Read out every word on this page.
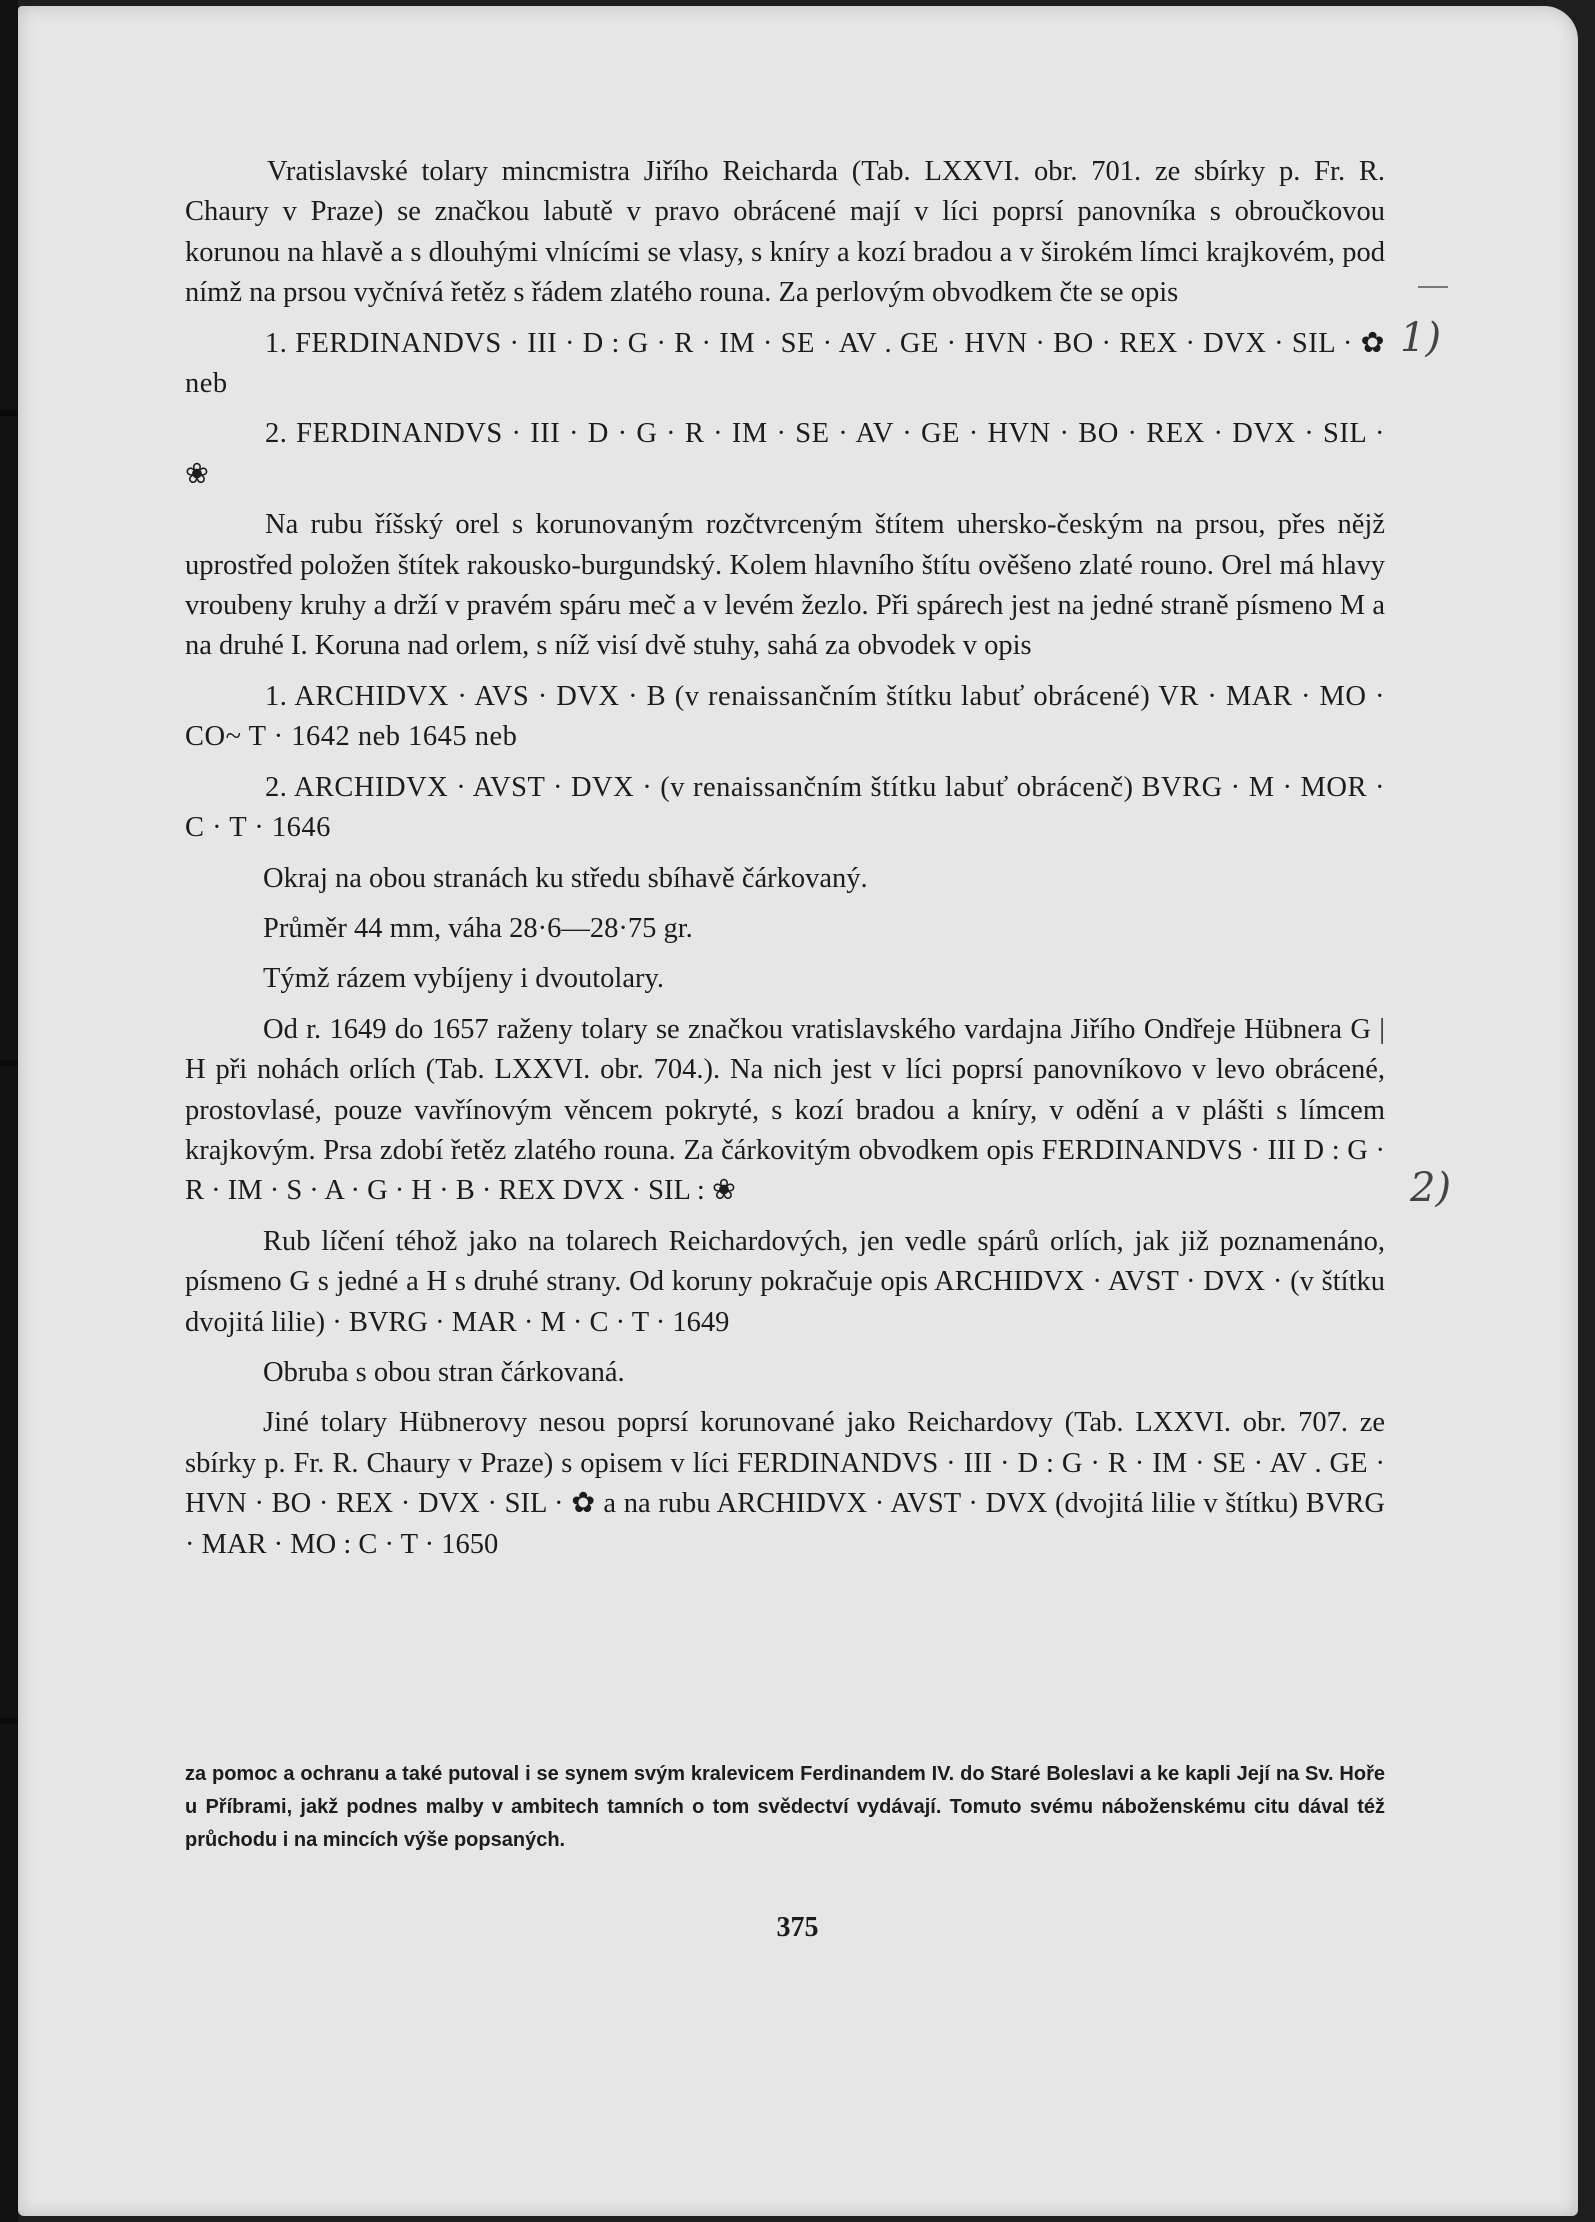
Vratislavské tolary mincmistra Jiřího Reicharda (Tab. LXXVI. obr. 701. ze sbírky p. Fr. R. Chaury v Praze) se značkou labutě v pravo obrácené mají v líci poprsí panovníka s obroučkovou korunou na hlavě a s dlouhými vlnícími se vlasy, s kníry a kozí bradou a v širokém límci krajkovém, pod nímž na prsou vyčnívá řetěz s řádem zlatého rouna. Za perlovým obvodkem čte se opis

1. FERDINANDVS · III · D : G · R · IM · SE · AV . GE · HVN · BO · REX · DVX · SIL · ✿ neb

2. FERDINANDVS · III · D · G · R · IM · SE · AV · GE · HVN · BO · REX · DVX · SIL · ❀

Na rubu říšský orel s korunovaným rozčtvrceným štítem uhersko-českým na prsou, přes nějž uprostřed položen štítek rakousko-burgundský. Kolem hlavního štítu ověšeno zlaté rouno. Orel má hlavy vroubeny kruhy a drží v pravém spáru meč a v levém žezlo. Při spárech jest na jedné straně písmeno M a na druhé I. Koruna nad orlem, s níž visí dvě stuhy, sahá za obvodek v opis

1. ARCHIDVX · AVS · DVX · B (v renaissančním štítku labuť obrácené) VR · MAR · MO · CO~ T · 1642 neb 1645 neb

2. ARCHIDVX · AVST · DVX · (v renaissančním štítku labuť obrácenč) BVRG · M · MOR · C · T · 1646

Okraj na obou stranách ku středu sbíhavě čárkovaný.

Průměr 44 mm, váha 28·6—28·75 gr.

Týmž rázem vybíjeny i dvoutolary.

Od r. 1649 do 1657 raženy tolary se značkou vratislavského vardajna Jiřího Ondřeje Hübnera G | H při nohách orlích (Tab. LXXVI. obr. 704.). Na nich jest v líci poprsí panovníkovo v levo obrácené, prostovlasé, pouze vavřínovým věncem pokryté, s kozí bradou a kníry, v odění a v plášti s límcem krajkovým. Prsa zdobí řetěz zlatého rouna. Za čárkovitým obvodkem opis FERDINANDVS · III D : G · R · IM · S · A · G · H · B · REX DVX · SIL : ❀

Rub líčení téhož jako na tolarech Reichardových, jen vedle spárů orlích, jak již poznamenáno, písmeno G s jedné a H s druhé strany. Od koruny pokračuje opis ARCHIDVX · AVST · DVX · (v štítku dvojitá lilie) · BVRG · MAR · M · C · T · 1649

Obruba s obou stran čárkovaná.

Jiné tolary Hübnerovy nesou poprsí korunované jako Reichardovy (Tab. LXXVI. obr. 707. ze sbírky p. Fr. R. Chaury v Praze) s opisem v líci FERDINANDVS · III · D : G · R · IM · SE · AV . GE · HVN · BO · REX · DVX · SIL · ✿ a na rubu ARCHIDVX · AVST · DVX (dvojitá lilie v štítku) BVRG · MAR · MO : C · T · 1650

za pomoc a ochranu a také putoval i se synem svým kralevicem Ferdinandem IV. do Staré Boleslavi a ke kapli Její na Sv. Hoře u Příbrami, jakž podnes malby v ambitech tamních o tom svědectví vydávají. Tomuto svému náboženskému citu dával též průchodu i na mincích výše popsaných.
375
1)
2)
